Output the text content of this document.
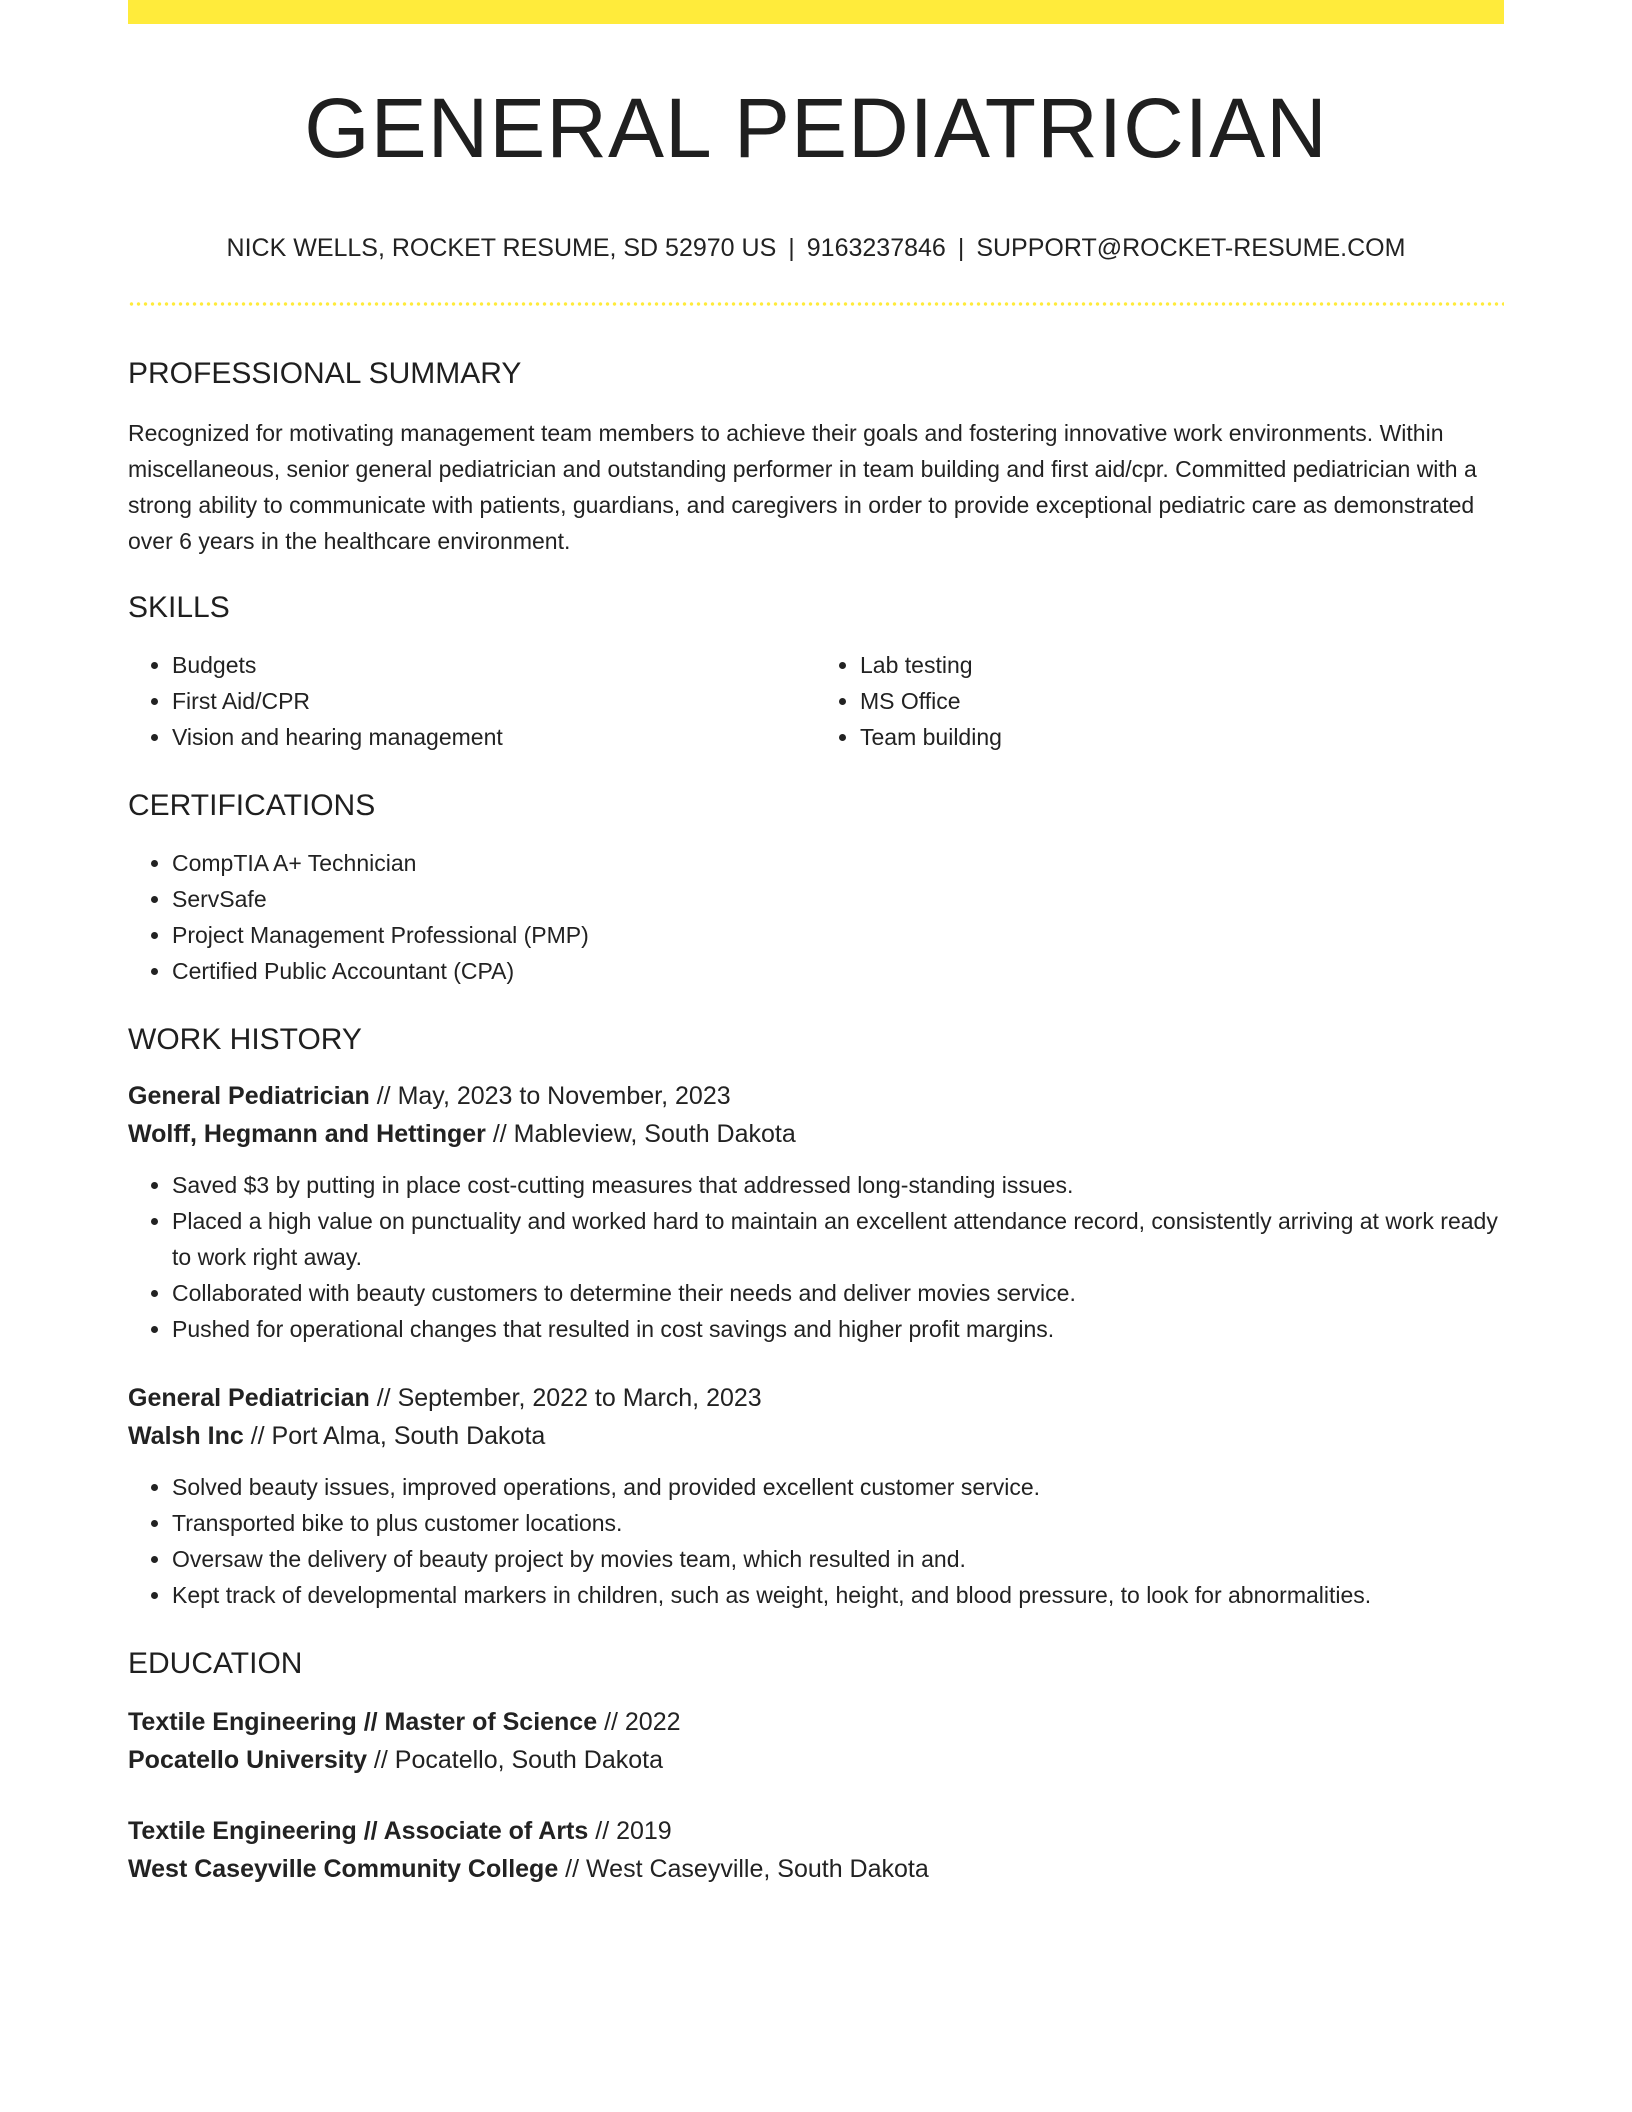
GENERAL PEDIATRICIAN
NICK WELLS, ROCKET RESUME, SD 52970 US | 9163237846 | SUPPORT@ROCKET-RESUME.COM
PROFESSIONAL SUMMARY

Recognized for motivating management team members to achieve their goals and fostering innovative work environments. Within miscellaneous, senior general pediatrician and outstanding performer in team building and first aid/cpr. Committed pediatrician with a strong ability to communicate with patients, guardians, and caregivers in order to provide exceptional pediatric care as demonstrated over 6 years in the healthcare environment.

SKILLS
• Budgets
• First Aid/CPR
• Vision and hearing management
• Lab testing
• MS Office
• Team building
CERTIFICATIONS
• CompTIA A+ Technician
• ServSafe
• Project Management Professional (PMP)
• Certified Public Accountant (CPA)
WORK HISTORY

General Pediatrician // May, 2023 to November, 2023

Wolff, Hegmann and Hettinger // Mableview, South Dakota

• Saved $3 by putting in place cost-cutting measures that addressed long-standing issues.
• Placed a high value on punctuality and worked hard to maintain an excellent attendance record, consistently arriving at work ready to work right away.
• Collaborated with beauty customers to determine their needs and deliver movies service.
• Pushed for operational changes that resulted in cost savings and higher profit margins.

General Pediatrician // September, 2022 to March, 2023

Walsh Inc // Port Alma, South Dakota

• Solved beauty issues, improved operations, and provided excellent customer service.
• Transported bike to plus customer locations.
• Oversaw the delivery of beauty project by movies team, which resulted in and.
• Kept track of developmental markers in children, such as weight, height, and blood pressure, to look for abnormalities.
EDUCATION

Textile Engineering // Master of Science // 2022

Pocatello University // Pocatello, South Dakota

Textile Engineering // Associate of Arts // 2019

West Caseyville Community College // West Caseyville, South Dakota
